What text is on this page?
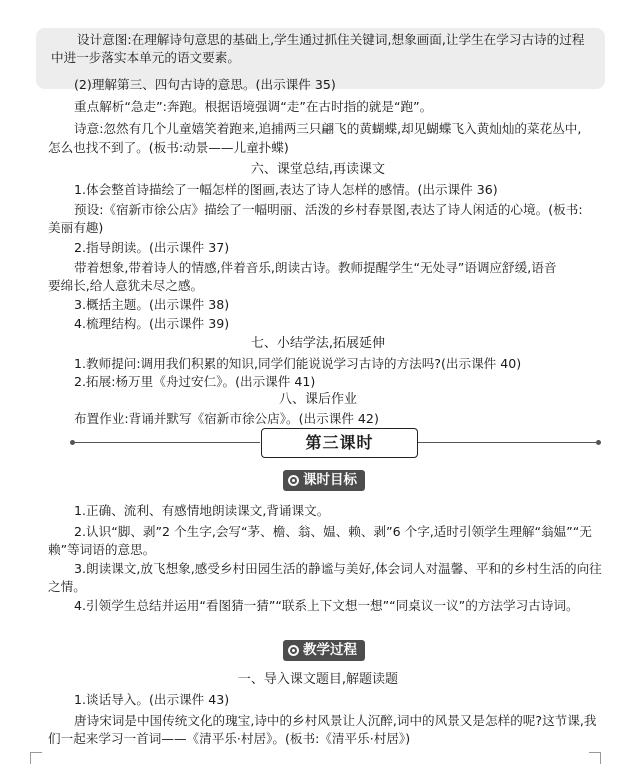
设计意图:在理解诗句意思的基础上,学生通过抓住关键词,想象画面,让学生在学习古诗的过程中进一步落实本单元的语文要素。
(2)理解第三、四句古诗的意思。(出示课件 35)
重点解析“急走”:奔跑。根据语境强调“走”在古时指的就是“跑”。
诗意:忽然有几个儿童嬉笑着跑来,追捕两三只翩飞的黄蝴蝶,却见蝴蝶飞入黄灿灿的菜花丛中,
怎么也找不到了。(板书:动景——儿童扑蝶)
六、课堂总结,再读课文
1.体会整首诗描绘了一幅怎样的图画,表达了诗人怎样的感情。(出示课件 36)
预设:《宿新市徐公店》描绘了一幅明丽、活泼的乡村春景图,表达了诗人闲适的心境。(板书:
美丽有趣)
2.指导朗读。(出示课件 37)
带着想象,带着诗人的情感,伴着音乐,朗读古诗。教师提醒学生“无处寻”语调应舒缓,语音
要绵长,给人意犹未尽之感。
3.概括主题。(出示课件 38)
4.梳理结构。(出示课件 39)
七、小结学法,拓展延伸
1.教师提问:调用我们积累的知识,同学们能说说学习古诗的方法吗?(出示课件 40)
2.拓展:杨万里《舟过安仁》。(出示课件 41)
八、课后作业
布置作业:背诵并默写《宿新市徐公店》。(出示课件 42)
第三课时
课时目标
1.正确、流利、有感情地朗读课文,背诵课文。
2.认识“脚、剥”2 个生字,会写“茅、檐、翁、媪、赖、剥”6 个字,适时引领学生理解“翁媪”“无赖”等词语的意思。
3.朗读课文,放飞想象,感受乡村田园生活的静谧与美好,体会词人对温馨、平和的乡村生活的向往之情。
4.引领学生总结并运用“看图猜一猜”“联系上下文想一想”“同桌议一议”的方法学习古诗词。
教学过程
一、导入课文题目,解题读题
1.谈话导入。(出示课件 43)
唐诗宋词是中国传统文化的瑰宝,诗中的乡村风景让人沉醉,词中的风景又是怎样的呢?这节课,我们一起来学习一首词——《清平乐·村居》。(板书:《清平乐·村居》)
